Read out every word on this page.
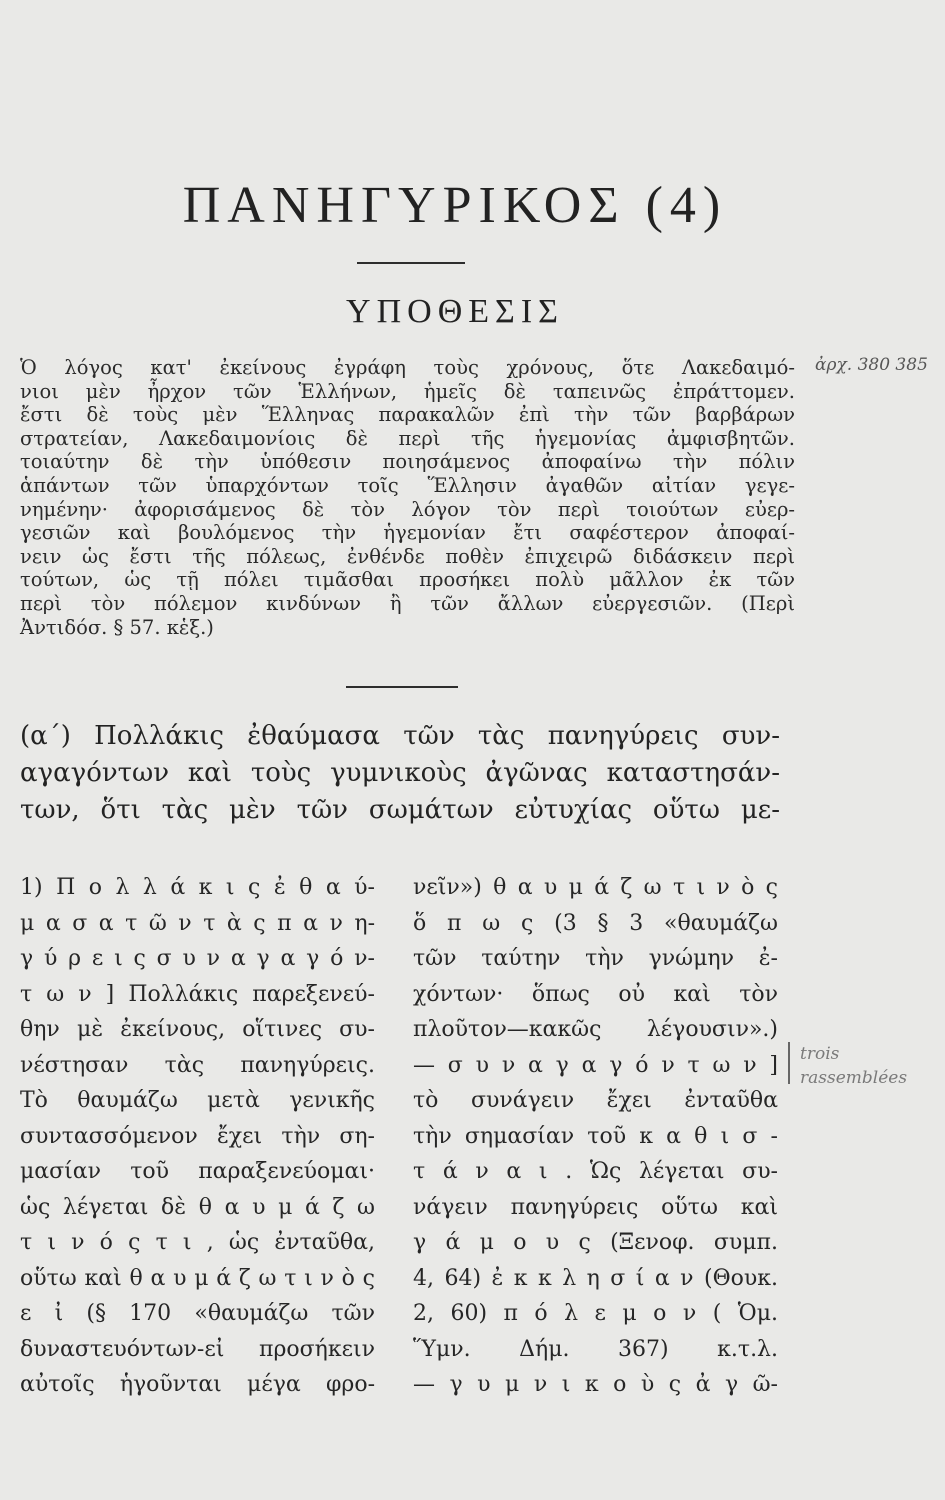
ΠΑΝΗΓΥΡΙΚΟΣ (4)
ΥΠΟΘΕΣΙΣ
Ὁ λόγος κατ' ἐκείνους ἐγράφη τοὺς χρόνους, ὅτε Λακεδαιμό-
νιοι μὲν ἦρχον τῶν Ἑλλήνων, ἡμεῖς δὲ ταπεινῶς ἐπράττομεν.
ἔστι δὲ τοὺς μὲν Ἕλληνας παρακαλῶν ἐπὶ τὴν τῶν βαρβάρων
στρατείαν, Λακεδαιμονίοις δὲ περὶ τῆς ἡγεμονίας ἀμφισβητῶν.
τοιαύτην δὲ τὴν ὑπόθεσιν ποιησάμενος ἀποφαίνω τὴν πόλιν
ἁπάντων τῶν ὑπαρχόντων τοῖς Ἕλλησιν ἀγαθῶν αἰτίαν γεγε-
νημένην· ἀφορισάμενος δὲ τὸν λόγον τὸν περὶ τοιούτων εὐερ-
γεσιῶν καὶ βουλόμενος τὴν ἡγεμονίαν ἔτι σαφέστερον ἀποφαί-
νειν ὡς ἔστι τῆς πόλεως, ἐνθένδε ποθὲν ἐπιχειρῶ διδάσκειν περὶ
τούτων, ὡς τῇ πόλει τιμᾶσθαι προσήκει πολὺ μᾶλλον ἐκ τῶν
περὶ τὸν πόλεμον κινδύνων ἢ τῶν ἄλλων εὐεργεσιῶν. (Περὶ
Ἀντιδόσ. § 57. κἑξ.)
ἀρχ. 380 385
(α΄) Πολλάκις ἐθαύμασα τῶν τὰς πανηγύρεις συν-
αγαγόντων καὶ τοὺς γυμνικοὺς ἀγῶνας καταστησάν-
των, ὅτι τὰς μὲν τῶν σωμάτων εὐτυχίας οὕτω με-
1) Π ο λ λ ά κ ι ς ἐ θ α ύ-
μ α σ α τ ῶ ν τ ὰ ς π α ν η-
γ ύ ρ ε ι ς σ υ ν α γ α γ ό ν-
τ ω ν ] Πολλάκις παρεξενεύ-
θην μὲ ἐκείνους, οἵτινες συ-
νέστησαν τὰς πανηγύρεις.
Τὸ θαυμάζω μετὰ γενικῆς
συντασσόμενον ἔχει τὴν ση-
μασίαν τοῦ παραξενεύομαι·
ὡς λέγεται δὲ θ α υ μ ά ζ ω
τ ι ν ό ς τ ι , ὡς ἐνταῦθα,
οὕτω καὶ θ α υ μ ά ζ ω τ ι ν ὸ ς
ε ἰ (§ 170 «θαυμάζω τῶν
δυναστευόντων-εἰ προσήκειν
αὐτοῖς ἡγοῦνται μέγα φρο-
νεῖν») θ α υ μ ά ζ ω τ ι ν ὸ ς
ὅ π ω ς (3 § 3 «θαυμάζω
τῶν ταύτην τὴν γνώμην ἐ-
χόντων· ὅπως οὐ καὶ τὸν
πλοῦτον—κακῶς λέγουσιν».)
— σ υ ν α γ α γ ό ν τ ω ν ]
τὸ συνάγειν ἔχει ἐνταῦθα
τὴν σημασίαν τοῦ κ α θ ι σ -
τ ά ν α ι . Ὡς λέγεται συ-
νάγειν πανηγύρεις οὕτω καὶ
γ ά μ ο υ ς (Ξενοφ. συμπ.
4, 64) ἐ κ κ λ η σ ί α ν (Θουκ.
2, 60) π ό λ ε μ ο ν ( Ὁμ.
Ὕμν. Δήμ. 367) κ.τ.λ.
— γ υ μ ν ι κ ο ὺ ς ἀ γ ῶ-
trois rassemblées
